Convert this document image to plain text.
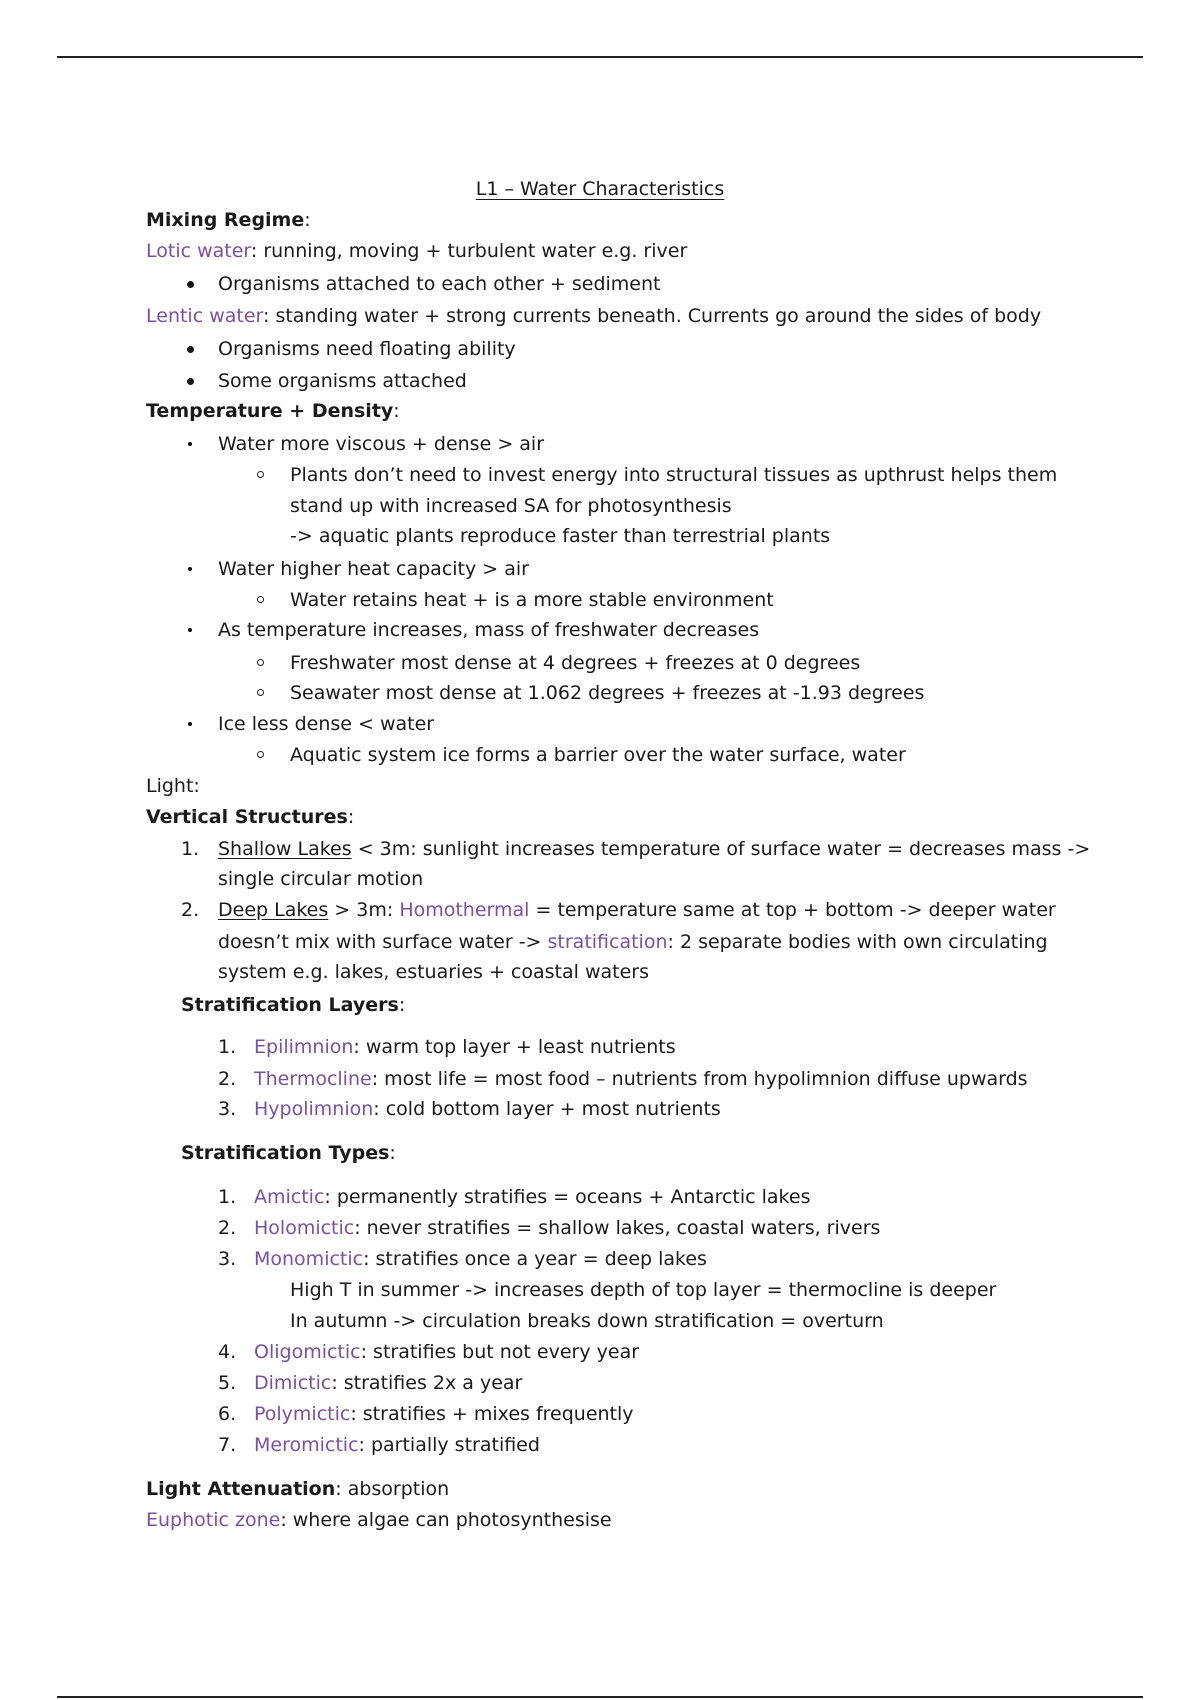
L1 – Water Characteristics
Mixing Regime:
Lotic water: running, moving + turbulent water e.g. river
Organisms attached to each other + sediment
Lentic water: standing water + strong currents beneath. Currents go around the sides of body
Organisms need floating ability
Some organisms attached
Temperature + Density:
Water more viscous + dense > air
Plants don’t need to invest energy into structural tissues as upthrust helps them
stand up with increased SA for photosynthesis
-> aquatic plants reproduce faster than terrestrial plants
Water higher heat capacity > air
Water retains heat + is a more stable environment
As temperature increases, mass of freshwater decreases
Freshwater most dense at 4 degrees + freezes at 0 degrees
Seawater most dense at 1.062 degrees + freezes at -1.93 degrees
Ice less dense < water
Aquatic system ice forms a barrier over the water surface, water
Light:
Vertical Structures:
1. Shallow Lakes < 3m: sunlight increases temperature of surface water = decreases mass ->
single circular motion
2. Deep Lakes > 3m: Homothermal = temperature same at top + bottom -> deeper water
doesn’t mix with surface water -> stratification: 2 separate bodies with own circulating
system e.g. lakes, estuaries + coastal waters
Stratification Layers:
1. Epilimnion: warm top layer + least nutrients
2. Thermocline: most life = most food – nutrients from hypolimnion diffuse upwards
3. Hypolimnion: cold bottom layer + most nutrients
Stratification Types:
1. Amictic: permanently stratifies = oceans + Antarctic lakes
2. Holomictic: never stratifies = shallow lakes, coastal waters, rivers
3. Monomictic: stratifies once a year = deep lakes
High T in summer -> increases depth of top layer = thermocline is deeper
In autumn -> circulation breaks down stratification = overturn
4. Oligomictic: stratifies but not every year
5. Dimictic: stratifies 2x a year
6. Polymictic: stratifies + mixes frequently
7. Meromictic: partially stratified
Light Attenuation: absorption
Euphotic zone: where algae can photosynthesise
